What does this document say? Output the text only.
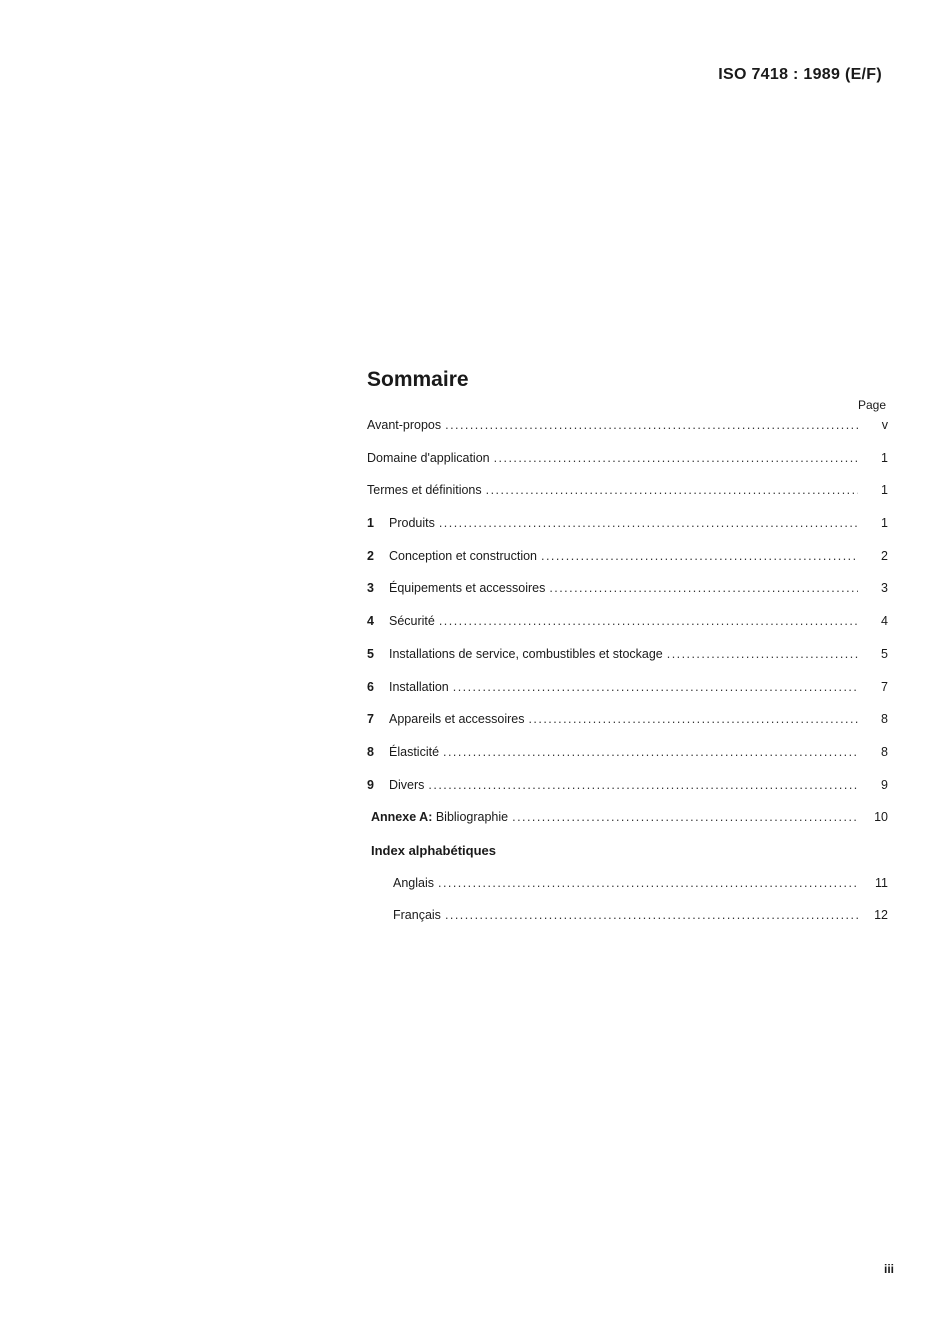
ISO 7418 : 1989 (E/F)
Sommaire
Page
Avant-propos . . .	v
Domaine d'application . . .	1
Termes et définitions . . .	1
1	Produits . . .	1
2	Conception et construction . . .	2
3	Équipements et accessoires . . .	3
4	Sécurité . . .	4
5	Installations de service, combustibles et stockage . . .	5
6	Installation . . .	7
7	Appareils et accessoires . . .	8
8	Élasticité . . .	8
9	Divers . . .	9
Annexe A: Bibliographie . . .	10
Index alphabétiques
Anglais . . .	11
Français . . .	12
iii
